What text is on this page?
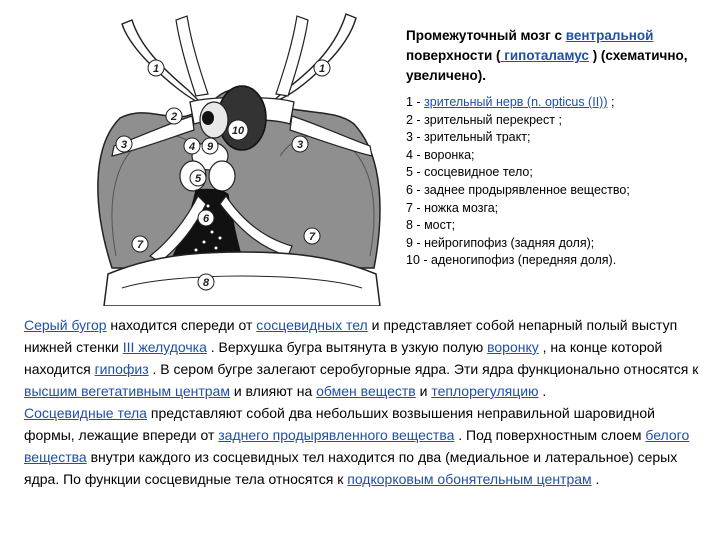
1	1
2
3	3
4 9
10
5
6
7
7
8

Промежуточный мозг с вентральной поверхности ( гипоталамус ) (схематично, увеличено).

1 - зрительный нерв (n. opticus (II)) ;
2 - зрительный перекрест ;
3 - зрительный тракт;
4 - воронка;
5 - сосцевидное тело;
6 - заднее продырявленное вещество;
7 - ножка мозга;
8 - мост;
9 - нейрогипофиз (задняя доля);
10 - аденогипофиз (передняя доля).

Серый бугор находится спереди от сосцевидных тел и представляет собой непарный полый выступ нижней стенки III желудочка . Верхушка бугра вытянута в узкую полую воронку , на конце которой находится гипофиз . В сером бугре залегают серобугорные ядра. Эти ядра функционально относятся к высшим вегетативным центрам и влияют на обмен веществ и теплорегуляцию .

Сосцевидные тела представляют собой два небольших возвышения неправильной шаровидной формы, лежащие впереди от заднего продырявленного вещества . Под поверхностным слоем белого вещества внутри каждого из сосцевидных тел находится по два (медиальное и латеральное) серых ядра. По функции сосцевидные тела относятся к подкорковым обонятельным центрам .
